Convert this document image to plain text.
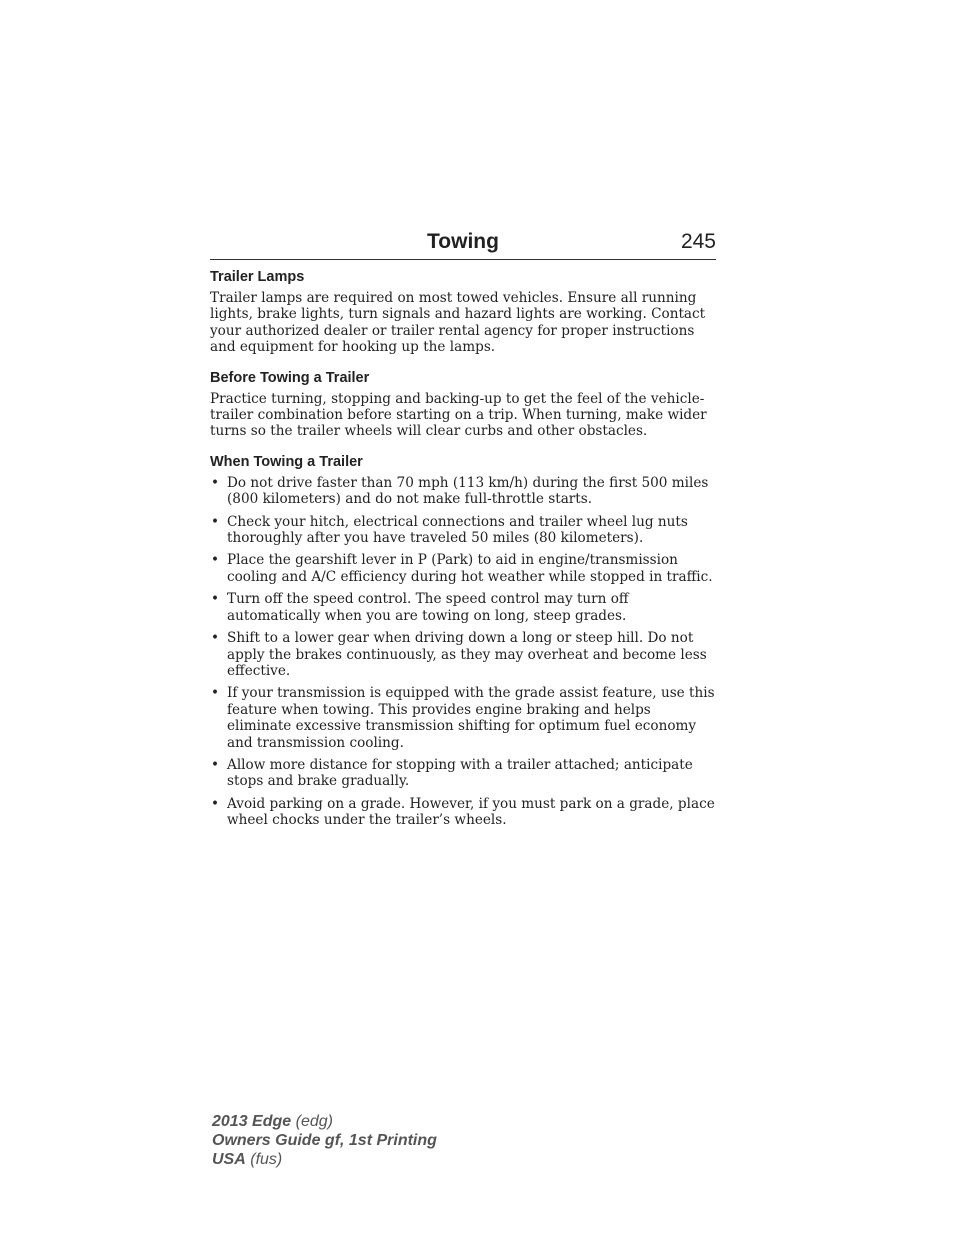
Towing	245
Trailer Lamps

Trailer lamps are required on most towed vehicles. Ensure all running lights, brake lights, turn signals and hazard lights are working. Contact your authorized dealer or trailer rental agency for proper instructions and equipment for hooking up the lamps.

Before Towing a Trailer

Practice turning, stopping and backing-up to get the feel of the vehicle-trailer combination before starting on a trip. When turning, make wider turns so the trailer wheels will clear curbs and other obstacles.

When Towing a Trailer
• Do not drive faster than 70 mph (113 km/h) during the first 500 miles (800 kilometers) and do not make full-throttle starts.
• Check your hitch, electrical connections and trailer wheel lug nuts thoroughly after you have traveled 50 miles (80 kilometers).
• Place the gearshift lever in P (Park) to aid in engine/transmission cooling and A/C efficiency during hot weather while stopped in traffic.
• Turn off the speed control. The speed control may turn off automatically when you are towing on long, steep grades.
• Shift to a lower gear when driving down a long or steep hill. Do not apply the brakes continuously, as they may overheat and become less effective.
• If your transmission is equipped with the grade assist feature, use this feature when towing. This provides engine braking and helps eliminate excessive transmission shifting for optimum fuel economy and transmission cooling.
• Allow more distance for stopping with a trailer attached; anticipate stops and brake gradually.
• Avoid parking on a grade. However, if you must park on a grade, place wheel chocks under the trailer’s wheels.
2013 Edge (edg)
Owners Guide gf, 1st Printing
USA (fus)
